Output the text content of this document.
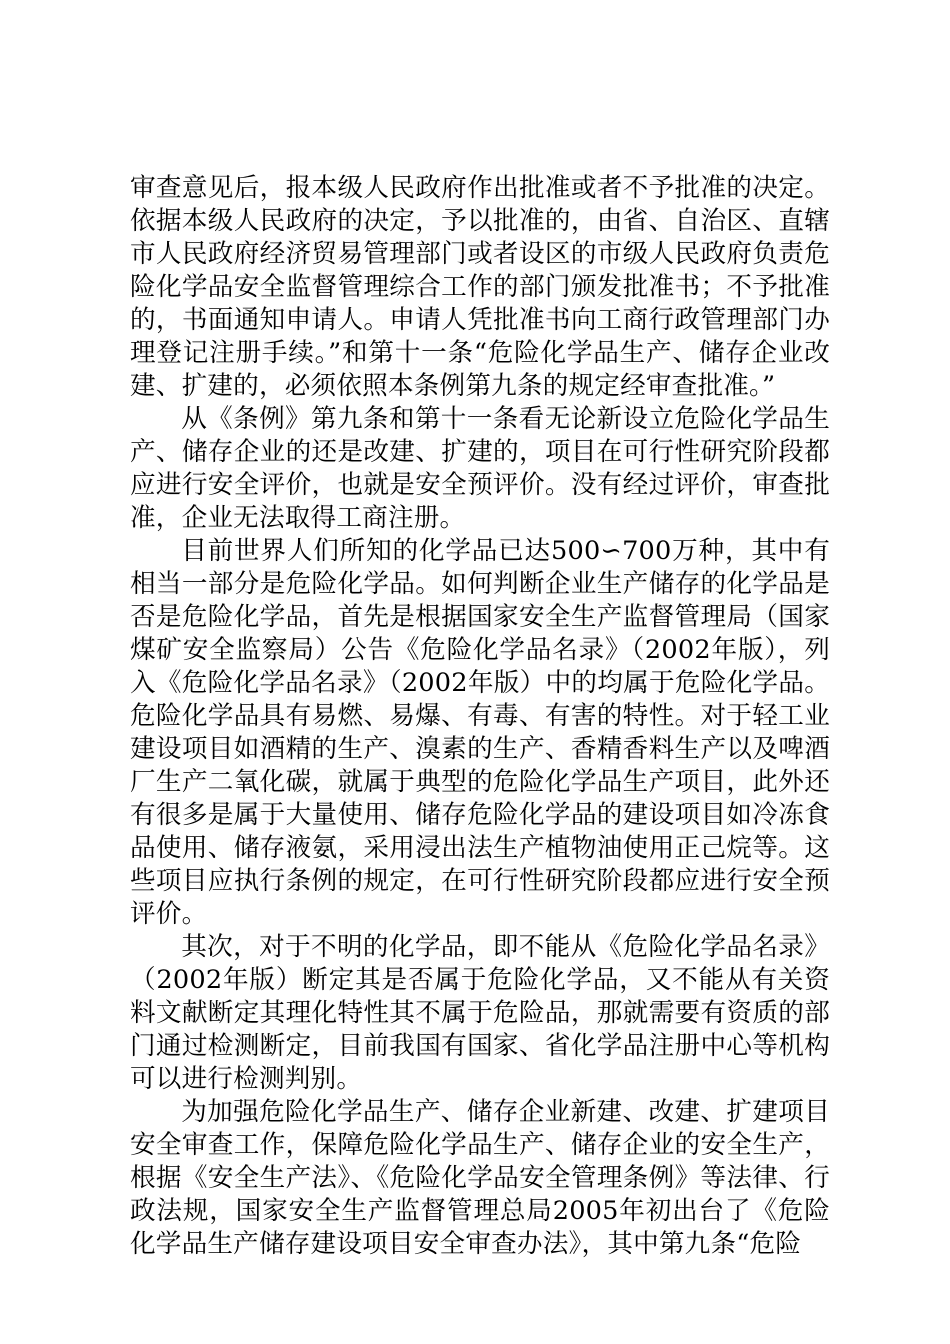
审查意见后，报本级人民政府作出批准或者不予批准的决定。依据本级人民政府的决定，予以批准的，由省、自治区、直辖市人民政府经济贸易管理部门或者设区的市级人民政府负责危险化学品安全监督管理综合工作的部门颁发批准书；不予批准的，书面通知申请人。申请人凭批准书向工商行政管理部门办理登记注册手续。”和第十一条“危险化学品生产、储存企业改建、扩建的，必须依照本条例第九条的规定经审查批准。”

从《条例》第九条和第十一条看无论新设立危险化学品生产、储存企业的还是改建、扩建的，项目在可行性研究阶段都应进行安全评价，也就是安全预评价。没有经过评价，审查批准，企业无法取得工商注册。

目前世界人们所知的化学品已达500∽700万种，其中有相当一部分是危险化学品。如何判断企业生产储存的化学品是否是危险化学品，首先是根据国家安全生产监督管理局（国家煤矿安全监察局）公告《危险化学品名录》（2002年版），列入《危险化学品名录》（2002年版）中的均属于危险化学品。危险化学品具有易燃、易爆、有毒、有害的特性。对于轻工业建设项目如酒精的生产、溴素的生产、香精香料生产以及啤酒厂生产二氧化碳，就属于典型的危险化学品生产项目，此外还有很多是属于大量使用、储存危险化学品的建设项目如冷冻食品使用、储存液氨，采用浸出法生产植物油使用正己烷等。这些项目应执行条例的规定，在可行性研究阶段都应进行安全预评价。

其次，对于不明的化学品，即不能从《危险化学品名录》（2002年版）断定其是否属于危险化学品，又不能从有关资料文献断定其理化特性其不属于危险品，那就需要有资质的部门通过检测断定，目前我国有国家、省化学品注册中心等机构可以进行检测判别。

为加强危险化学品生产、储存企业新建、改建、扩建项目安全审查工作，保障危险化学品生产、储存企业的安全生产，根据《安全生产法》、《危险化学品安全管理条例》等法律、行政法规，国家安全生产监督管理总局2005年初出台了《危险化学品生产储存建设项目安全审查办法》，其中第九条“危险
